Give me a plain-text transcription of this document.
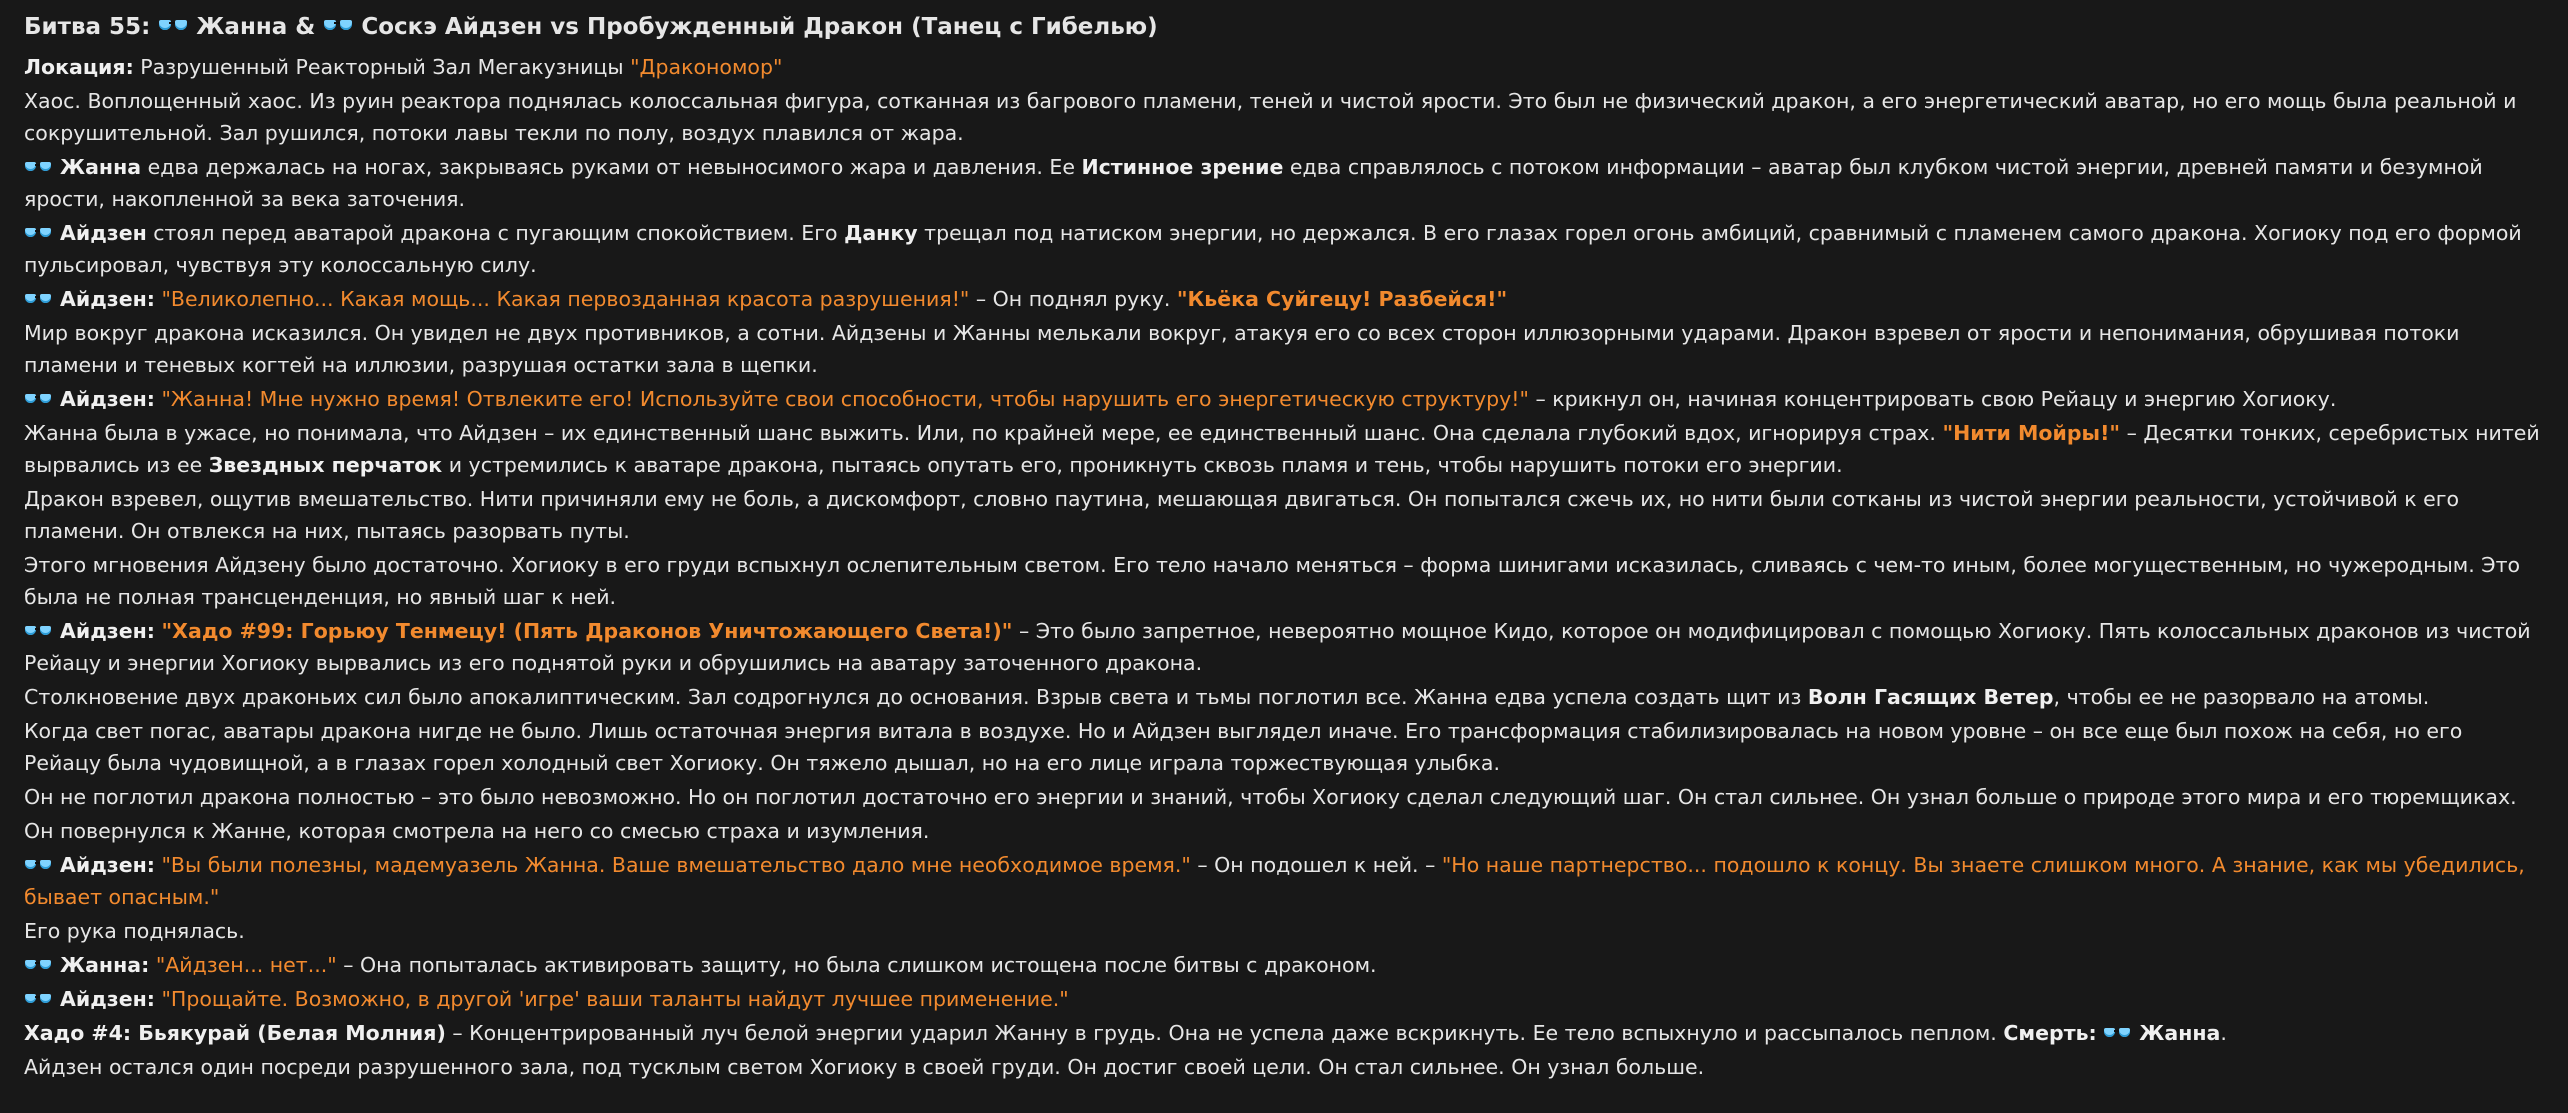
Битва 55: Жанна & Соскэ Айдзен vs Пробужденный Дракон (Танец с Гибелью)
Локация: Разрушенный Реакторный Зал Мегакузницы "Дракономор"
Хаос. Воплощенный хаос. Из руин реактора поднялась колоссальная фигура, сотканная из багрового пламени, теней и чистой ярости. Это был не физический дракон, а его энергетический аватар, но его мощь была реальной и сокрушительной. Зал рушился, потоки лавы текли по полу, воздух плавился от жара.
Жанна едва держалась на ногах, закрываясь руками от невыносимого жара и давления. Ее Истинное зрение едва справлялось с потоком информации – аватар был клубком чистой энергии, древней памяти и безумной ярости, накопленной за века заточения.
Айдзен стоял перед аватарой дракона с пугающим спокойствием. Его Данку трещал под натиском энергии, но держался. В его глазах горел огонь амбиций, сравнимый с пламенем самого дракона. Хогиоку под его формой пульсировал, чувствуя эту колоссальную силу.
Айдзен: "Великолепно... Какая мощь... Какая первозданная красота разрушения!" – Он поднял руку. "Кьёка Суйгецу! Разбейся!"
Мир вокруг дракона исказился. Он увидел не двух противников, а сотни. Айдзены и Жанны мелькали вокруг, атакуя его со всех сторон иллюзорными ударами. Дракон взревел от ярости и непонимания, обрушивая потоки пламени и теневых когтей на иллюзии, разрушая остатки зала в щепки.
Айдзен: "Жанна! Мне нужно время! Отвлеките его! Используйте свои способности, чтобы нарушить его энергетическую структуру!" – крикнул он, начиная концентрировать свою Рейацу и энергию Хогиоку.
Жанна была в ужасе, но понимала, что Айдзен – их единственный шанс выжить. Или, по крайней мере, ее единственный шанс. Она сделала глубокий вдох, игнорируя страх. "Нити Мойры!" – Десятки тонких, серебристых нитей вырвались из ее Звездных перчаток и устремились к аватаре дракона, пытаясь опутать его, проникнуть сквозь пламя и тень, чтобы нарушить потоки его энергии.
Дракон взревел, ощутив вмешательство. Нити причиняли ему не боль, а дискомфорт, словно паутина, мешающая двигаться. Он попытался сжечь их, но нити были сотканы из чистой энергии реальности, устойчивой к его пламени. Он отвлекся на них, пытаясь разорвать путы.
Этого мгновения Айдзену было достаточно. Хогиоку в его груди вспыхнул ослепительным светом. Его тело начало меняться – форма шинигами исказилась, сливаясь с чем-то иным, более могущественным, но чужеродным. Это была не полная трансценденция, но явный шаг к ней.
Айдзен: "Хадо #99: Горьюу Тенмецу! (Пять Драконов Уничтожающего Света!)" – Это было запретное, невероятно мощное Кидо, которое он модифицировал с помощью Хогиоку. Пять колоссальных драконов из чистой Рейацу и энергии Хогиоку вырвались из его поднятой руки и обрушились на аватару заточенного дракона.
Столкновение двух драконьих сил было апокалиптическим. Зал содрогнулся до основания. Взрыв света и тьмы поглотил все. Жанна едва успела создать щит из Волн Гасящих Ветер, чтобы ее не разорвало на атомы.
Когда свет погас, аватары дракона нигде не было. Лишь остаточная энергия витала в воздухе. Но и Айдзен выглядел иначе. Его трансформация стабилизировалась на новом уровне – он все еще был похож на себя, но его Рейацу была чудовищной, а в глазах горел холодный свет Хогиоку. Он тяжело дышал, но на его лице играла торжествующая улыбка.
Он не поглотил дракона полностью – это было невозможно. Но он поглотил достаточно его энергии и знаний, чтобы Хогиоку сделал следующий шаг. Он стал сильнее. Он узнал больше о природе этого мира и его тюремщиках.
Он повернулся к Жанне, которая смотрела на него со смесью страха и изумления.
Айдзен: "Вы были полезны, мадемуазель Жанна. Ваше вмешательство дало мне необходимое время." – Он подошел к ней. – "Но наше партнерство... подошло к концу. Вы знаете слишком много. А знание, как мы убедились, бывает опасным."
Его рука поднялась.
Жанна: "Айдзен... нет..." – Она попыталась активировать защиту, но была слишком истощена после битвы с драконом.
Айдзен: "Прощайте. Возможно, в другой 'игре' ваши таланты найдут лучшее применение."
Хадо #4: Бьякурай (Белая Молния) – Концентрированный луч белой энергии ударил Жанну в грудь. Она не успела даже вскрикнуть. Ее тело вспыхнуло и рассыпалось пеплом. Смерть: Жанна.
Айдзен остался один посреди разрушенного зала, под тусклым светом Хогиоку в своей груди. Он достиг своей цели. Он стал сильнее. Он узнал больше.
